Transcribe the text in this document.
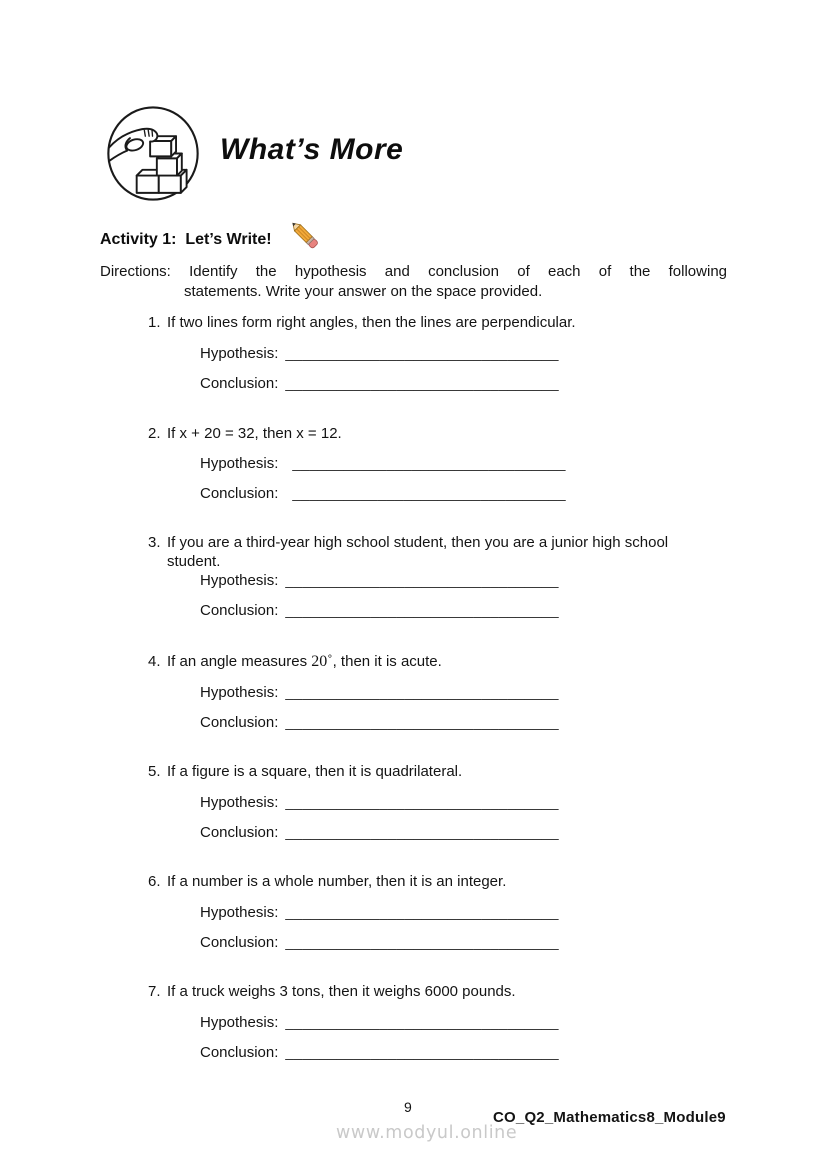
What’s More
Activity 1:  Let’s Write!
Directions: Identify the hypothesis and conclusion of each of the following
statements. Write your answer on the space provided.
1. If two lines form right angles, then the lines are perpendicular.
Hypothesis: ________________________________
Conclusion: ________________________________
2. If x + 20 = 32, then x = 12.
Hypothesis: ________________________________
Conclusion: ________________________________
3. If you are a third-year high school student, then you are a junior high school student.
Hypothesis: ________________________________
Conclusion: ________________________________
4. If an angle measures 20˚, then it is acute.
Hypothesis: ________________________________
Conclusion: ________________________________
5. If a figure is a square, then it is quadrilateral.
Hypothesis: ________________________________
Conclusion: ________________________________
6. If a number is a whole number, then it is an integer.
Hypothesis: ________________________________
Conclusion: ________________________________
7. If a truck weighs 3 tons, then it weighs 6000 pounds.
Hypothesis: ________________________________
Conclusion: ________________________________
9
CO_Q2_Mathematics8_Module9
www.modyul.online
